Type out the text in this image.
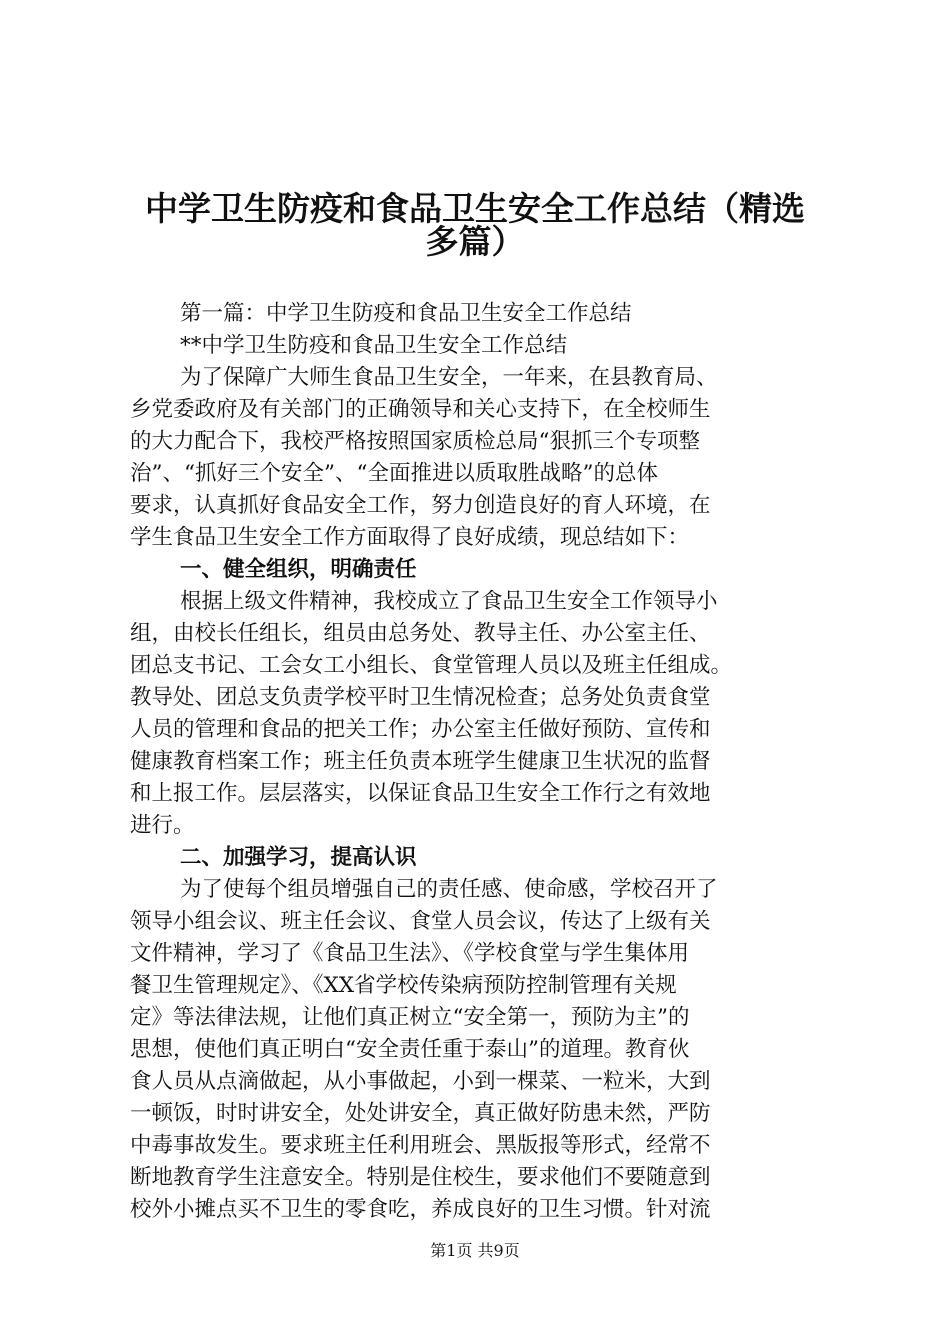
中学卫生防疫和食品卫生安全工作总结（精选
多篇）

第一篇：中学卫生防疫和食品卫生安全工作总结

**中学卫生防疫和食品卫生安全工作总结

为了保障广大师生食品卫生安全，一年来，在县教育局、

乡党委政府及有关部门的正确领导和关心支持下，在全校师生

的大力配合下，我校严格按照国家质检总局“狠抓三个专项整

治”、“抓好三个安全”、“全面推进以质取胜战略”的总体

要求，认真抓好食品安全工作，努力创造良好的育人环境，在

学生食品卫生安全工作方面取得了良好成绩，现总结如下：

一、健全组织，明确责任

根据上级文件精神，我校成立了食品卫生安全工作领导小

组，由校长任组长，组员由总务处、教导主任、办公室主任、

团总支书记、工会女工小组长、食堂管理人员以及班主任组成。

教导处、团总支负责学校平时卫生情况检查；总务处负责食堂

人员的管理和食品的把关工作；办公室主任做好预防、宣传和

健康教育档案工作；班主任负责本班学生健康卫生状况的监督

和上报工作。层层落实，以保证食品卫生安全工作行之有效地

进行。

二、加强学习，提高认识

为了使每个组员增强自己的责任感、使命感，学校召开了

领导小组会议、班主任会议、食堂人员会议，传达了上级有关

文件精神，学习了《食品卫生法》、《学校食堂与学生集体用

餐卫生管理规定》、《XX省学校传染病预防控制管理有关规

定》等法律法规，让他们真正树立“安全第一，预防为主”的

思想，使他们真正明白“安全责任重于泰山”的道理。教育伙

食人员从点滴做起，从小事做起，小到一棵菜、一粒米，大到

一顿饭，时时讲安全，处处讲安全，真正做好防患未然，严防

中毒事故发生。要求班主任利用班会、黑版报等形式，经常不

断地教育学生注意安全。特别是住校生，要求他们不要随意到

校外小摊点买不卫生的零食吃，养成良好的卫生习惯。针对流

第1页 共9页
